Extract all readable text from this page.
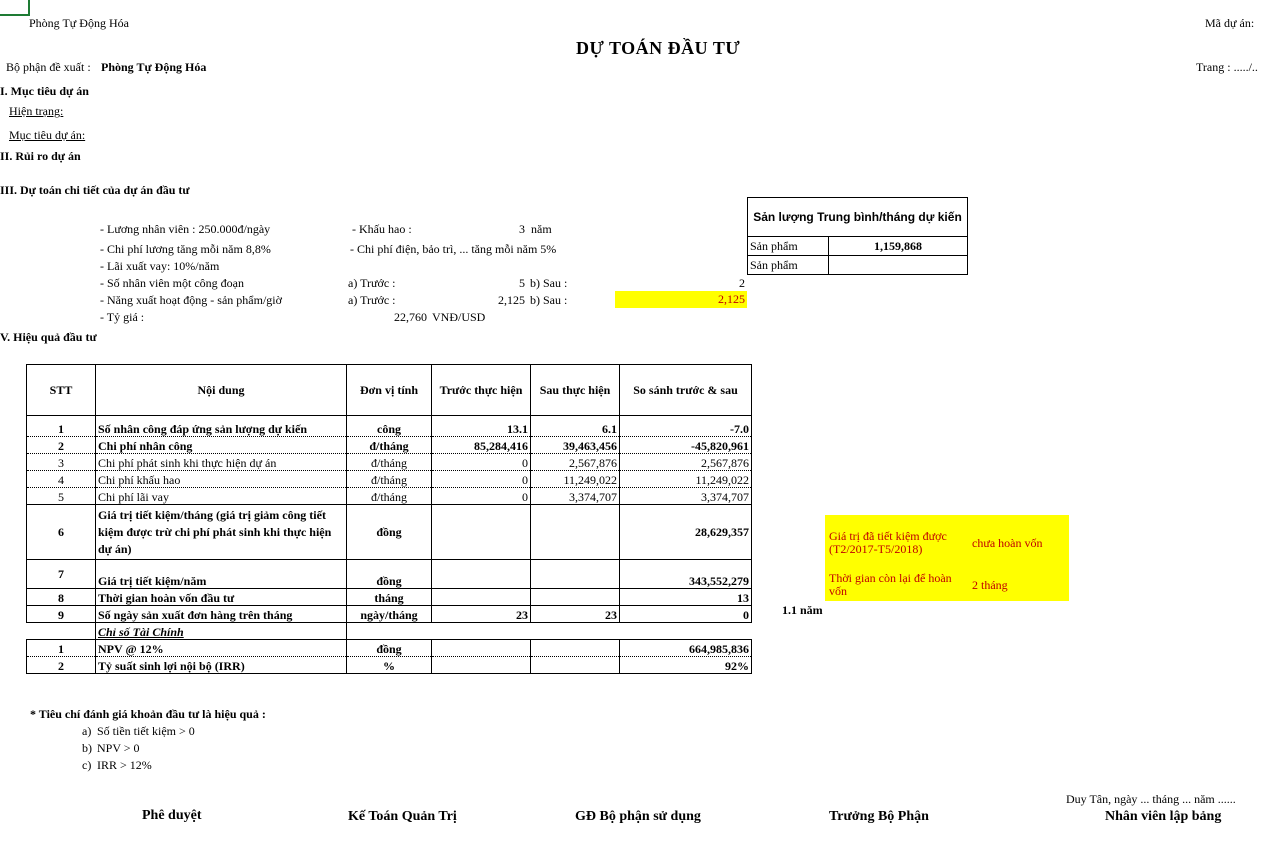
Phòng Tự Động Hóa	Mã dự án:
DỰ TOÁN ĐẦU TƯ
Bộ phận đề xuất : Phòng Tự Động Hóa	Trang : ...../..
I. Mục tiêu dự án
Hiện trạng:
Mục tiêu dự án:
II. Rủi ro dự án
III. Dự toán chi tiết của dự án đầu tư
- Lương nhân viên : 250.000đ/ngày
- Chi phí lương tăng mỗi năm 8,8%
- Lãi xuất vay: 10%/năm
- Số nhân viên một công đoạn
- Năng xuất hoạt động - sản phẩm/giờ
- Tỷ giá :
- Khấu hao :	3 năm
- Chi phí điện, bảo trì, ... tăng mỗi năm 5%
a) Trước :	5 b) Sau :	2
a) Trước :	2,125 b) Sau :	2,125
22,760 VNĐ/USD
Sản lượng Trung bình/tháng dự kiến
Sản phẩm	1,159,868
Sản phẩm
V. Hiệu quả đầu tư
STT	Nội dung	Đơn vị tính	Trước thực hiện	Sau thực hiện	So sánh trước & sau

1	Số nhân công đáp ứng sản lượng dự kiến	công	13.1	6.1	-7.0
2	Chi phí nhân công	đ/tháng	85,284,416	39,463,456	-45,820,961
3	Chi phí phát sinh khi thực hiện dự án	đ/tháng	0	2,567,876	2,567,876
4	Chi phí khấu hao	đ/tháng	0	11,249,022	11,249,022
5	Chi phí lãi vay	đ/tháng	0	3,374,707	3,374,707
6	Giá trị tiết kiệm/tháng (giá trị giảm công tiết kiệm được trừ chi phí phát sinh khi thực hiện dự án)	đồng			28,629,357
7	Giá trị tiết kiệm/năm	đồng			343,552,279
8	Thời gian hoàn vốn đầu tư	tháng			13
9	Số ngày sản xuất đơn hàng trên tháng	ngày/tháng	23	23	0
	Chỉ số Tài Chính				
1	NPV @ 12%	đồng			664,985,836
2	Tỷ suất sinh lợi nội bộ (IRR)	%			92%
1.1 năm
Giá trị đã tiết kiệm được (T2/2017-T5/2018)	chưa hoàn vốn
Thời gian còn lại để hoàn vốn	2 tháng
* Tiêu chí đánh giá khoản đầu tư là hiệu quả :
a) Số tiền tiết kiệm > 0
b) NPV > 0
c) IRR > 12%
Duy Tân, ngày ... tháng ... năm ......
Phê duyệt	Kế Toán Quản Trị	GĐ Bộ phận sử dụng	Trưởng Bộ Phận	Nhân viên lập bảng
